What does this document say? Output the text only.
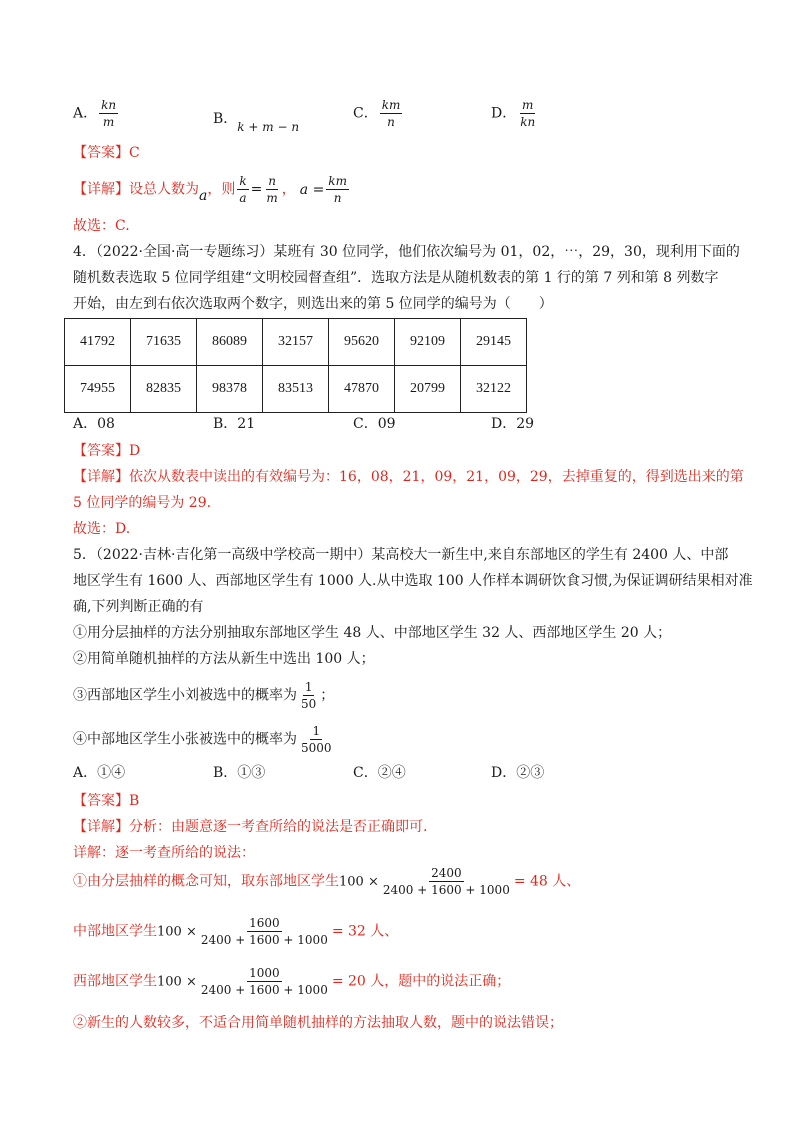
A． $\frac{kn}{m}$	B．k + m − n
C． $\frac{km}{n}$	D． $\frac{m}{kn}$
【答案】C
【详解】设总人数为a，则 $\frac{k}{a} = \frac{n}{m}$ ， $a = \frac{km}{n}$
故选：C.
4．（2022·全国·高一专题练习）某班有 30 位同学，他们依次编号为 01，02，⋯，29，30，现利用下面的
随机数表选取 5 位同学组建“文明校园督查组”．选取方法是从随机数表的第 1 行的第 7 列和第 8 列数字
开始，由左到右依次选取两个数字，则选出来的第 5 位同学的编号为（　　）
41792	71635	86089	32157	95620	92109	29145
74955	82835	98378	83513	47870	20799	32122
A．08	B．21	C．09	D．29
【答案】D
【详解】依次从数表中读出的有效编号为：16，08，21，09，21，09，29，去掉重复的，得到选出来的第
5 位同学的编号为 29.
故选：D.
5．（2022·吉林·吉化第一高级中学校高一期中）某高校大一新生中,来自东部地区的学生有 2400 人、中部
地区学生有 1600 人、西部地区学生有 1000 人.从中选取 100 人作样本调研饮食习惯,为保证调研结果相对准
确,下列判断正确的有
①用分层抽样的方法分别抽取东部地区学生 48 人、中部地区学生 32 人、西部地区学生 20 人；
②用简单随机抽样的方法从新生中选出 100 人；
③西部地区学生小刘被选中的概率为 $\frac{1}{50}$ ；
④中部地区学生小张被选中的概率为 $\frac{1}{5000}$
A．①④	B．①③	C．②④	D．②③
【答案】B
【详解】分析：由题意逐一考查所给的说法是否正确即可.
详解：逐一考查所给的说法：
①由分层抽样的概念可知，取东部地区学生$100 \times \frac{2400}{2400 + 1600 + 1000} = 48$ 人、
中部地区学生$100 \times \frac{1600}{2400 + 1600 + 1000} = 32$ 人、
西部地区学生$100 \times \frac{1000}{2400 + 1600 + 1000} = 20$ 人，题中的说法正确；
②新生的人数较多，不适合用简单随机抽样的方法抽取人数，题中的说法错误；
